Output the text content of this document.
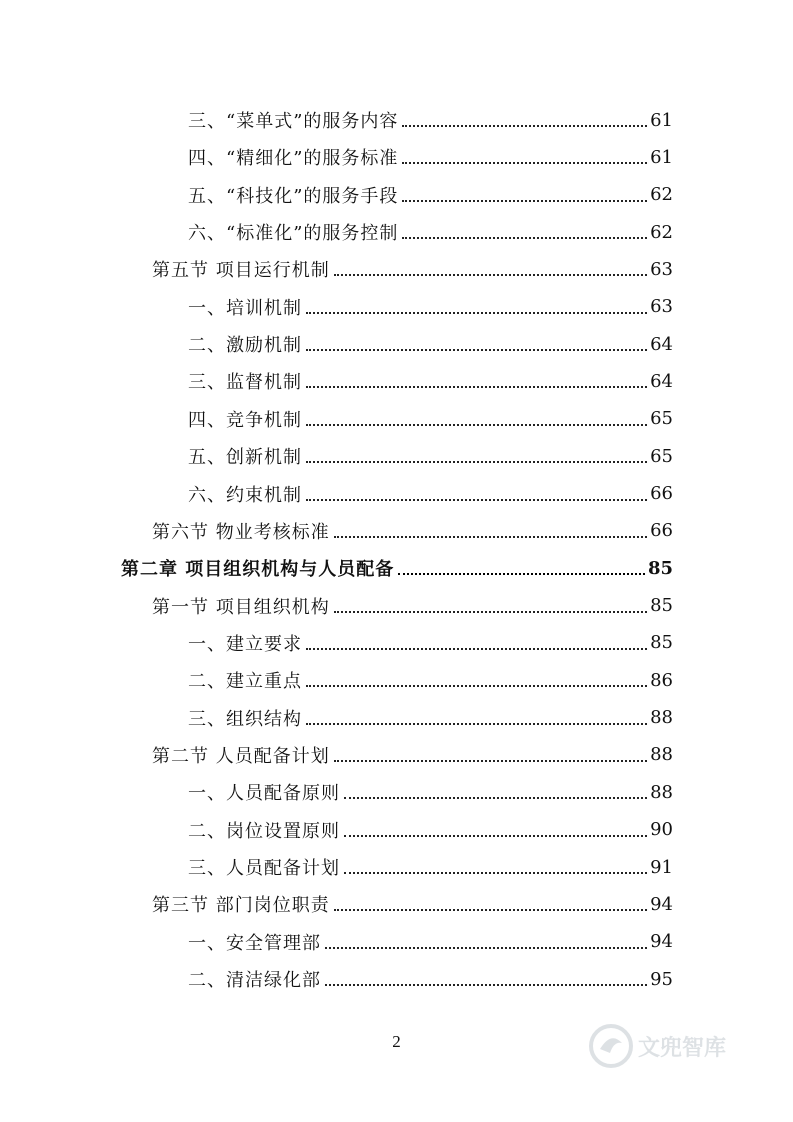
三、“菜单式”的服务内容	61
四、“精细化”的服务标准	61
五、“科技化”的服务手段	62
六、“标准化”的服务控制	62
第五节 项目运行机制	63
一、培训机制	63
二、激励机制	64
三、监督机制	64
四、竞争机制	65
五、创新机制	65
六、约束机制	66
第六节 物业考核标准	66
第二章 项目组织机构与人员配备	85
第一节 项目组织机构	85
一、建立要求	85
二、建立重点	86
三、组织结构	88
第二节 人员配备计划	88
一、人员配备原则	88
二、岗位设置原则	90
三、人员配备计划	91
第三节 部门岗位职责	94
一、安全管理部	94
二、清洁绿化部	95
2	文兜智库
